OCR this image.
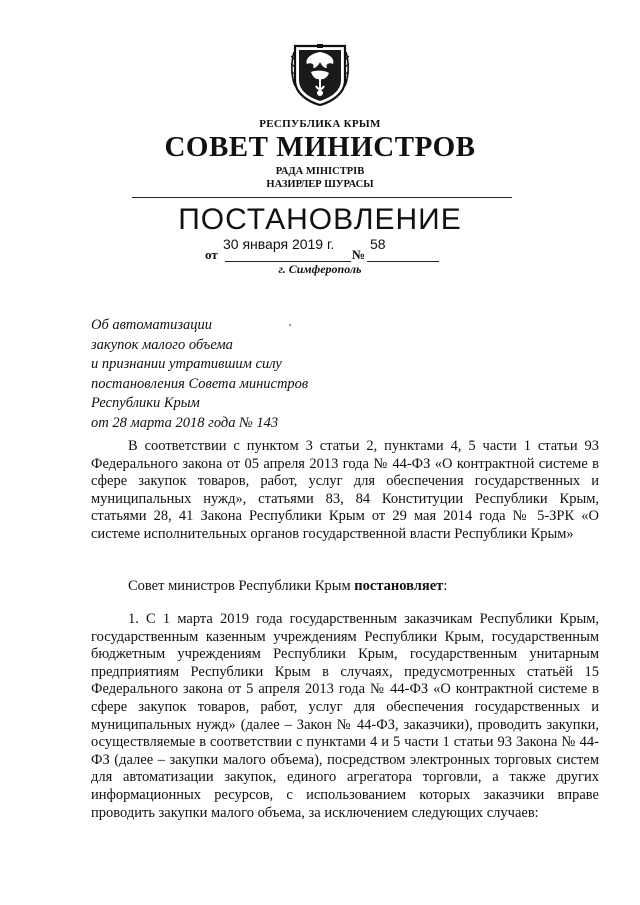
РЕСПУБЛИКА КРЫМ
СОВЕТ МИНИСТРОВ
РАДА МІНІСТРІВ
НАЗИРЛЕР ШУРАСЫ
ПОСТАНОВЛЕНИЕ
от
30 января 2019 г.
№
58
г. Симферополь
Об автоматизации
закупок малого объема
и признании утратившим силу
постановления Совета министров
Республики Крым
от 28 марта 2018 года № 143
В соответствии с пунктом 3 статьи 2, пунктами 4, 5 части 1 статьи 93 Федерального закона от 05 апреля 2013 года № 44-ФЗ «О контрактной системе в сфере закупок товаров, работ, услуг для обеспечения государственных и муниципальных нужд», статьями 83, 84 Конституции Республики Крым, статьями 28, 41 Закона Республики Крым от 29 мая 2014 года № 5-ЗРК «О системе исполнительных органов государственной власти Республики Крым»
Совет министров Республики Крым постановляет:
1. С 1 марта 2019 года государственным заказчикам Республики Крым, государственным казенным учреждениям Республики Крым, государственным бюджетным учреждениям Республики Крым, государственным унитарным предприятиям Республики Крым в случаях, предусмотренных статьёй 15 Федерального закона от 5 апреля 2013 года № 44-ФЗ «О контрактной системе в сфере закупок товаров, работ, услуг для обеспечения государственных и муниципальных нужд» (далее – Закон № 44-ФЗ, заказчики), проводить закупки, осуществляемые в соответствии с пунктами 4 и 5 части 1 статьи 93 Закона № 44-ФЗ (далее – закупки малого объема), посредством электронных торговых систем для автоматизации закупок, единого агрегатора торговли, а также других информационных ресурсов, с использованием которых заказчики вправе проводить закупки малого объема, за исключением следующих случаев:
